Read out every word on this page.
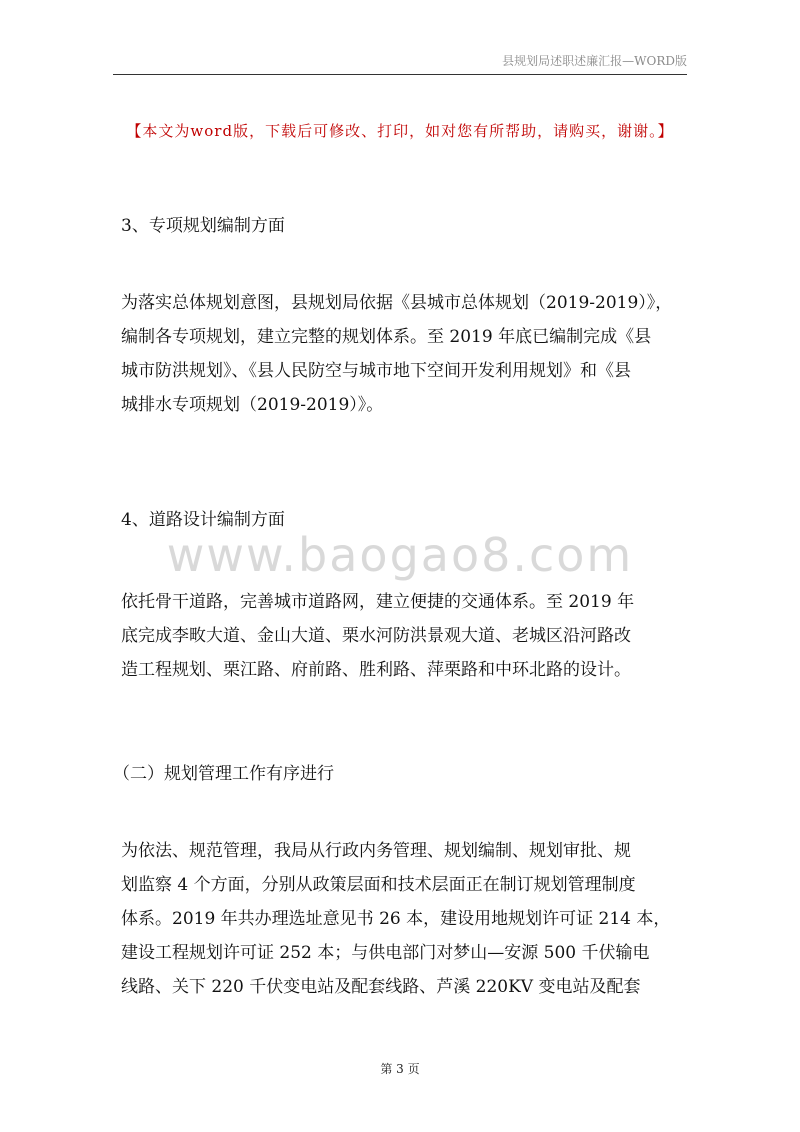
县规划局述职述廉汇报—WORD版
【本文为word版，下载后可修改、打印，如对您有所帮助，请购买，谢谢。】

3、专项规划编制方面

为落实总体规划意图，县规划局依据《县城市总体规划（2019-2019）》，
编制各专项规划，建立完整的规划体系。至 2019 年底已编制完成《县
城市防洪规划》、《县人民防空与城市地下空间开发利用规划》和《县
城排水专项规划（2019-2019）》。

4、道路设计编制方面

www.baogao8.com
依托骨干道路，完善城市道路网，建立便捷的交通体系。至 2019 年
底完成李畋大道、金山大道、栗水河防洪景观大道、老城区沿河路改
造工程规划、栗江路、府前路、胜利路、萍栗路和中环北路的设计。

（二）规划管理工作有序进行

为依法、规范管理，我局从行政内务管理、规划编制、规划审批、规
划监察 4 个方面，分别从政策层面和技术层面正在制订规划管理制度
体系。2019 年共办理选址意见书 26 本，建设用地规划许可证 214 本，
建设工程规划许可证 252 本；与供电部门对梦山—安源 500 千伏输电
线路、关下 220 千伏变电站及配套线路、芦溪 220KV 变电站及配套
第 3 页
